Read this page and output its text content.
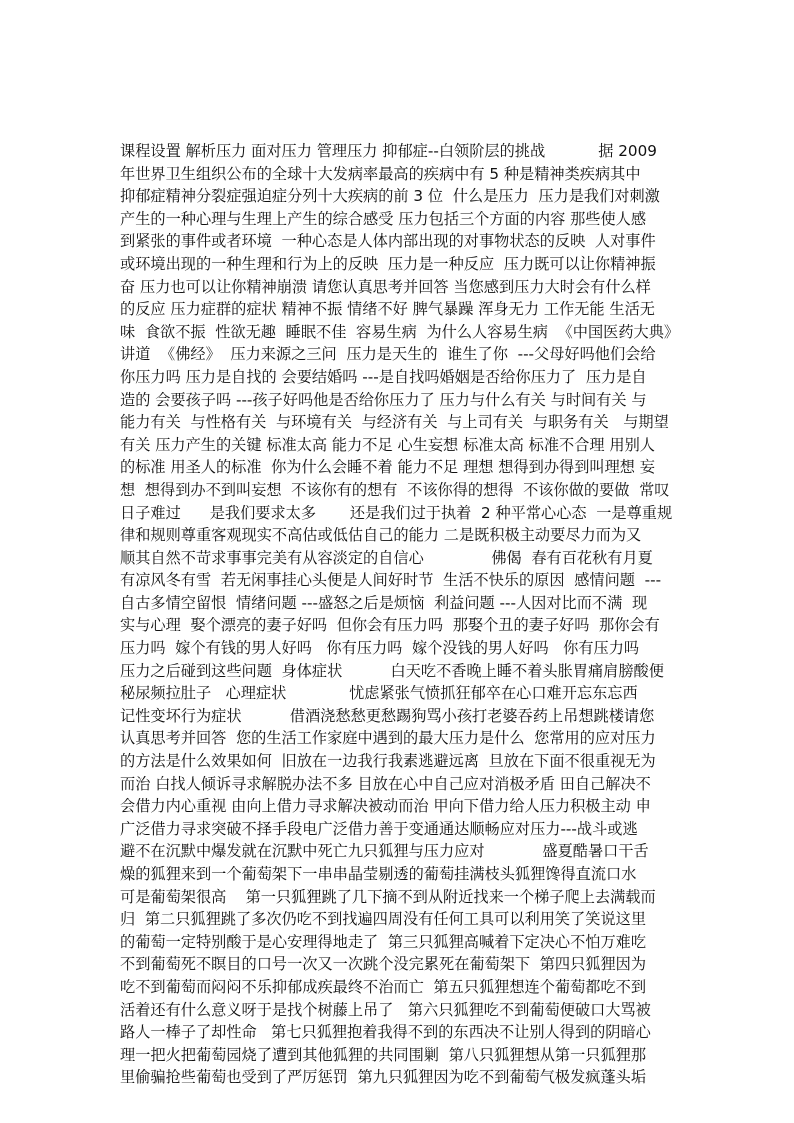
课程设置 解析压力 面对压力 管理压力 抑郁症--白领阶层的挑战           据 2009
年世界卫生组织公布的全球十大发病率最高的疾病中有 5 种是精神类疾病其中
抑郁症精神分裂症强迫症分列十大疾病的前 3 位  什么是压力  压力是我们对刺激
产生的一种心理与生理上产生的综合感受 压力包括三个方面的内容 那些使人感
到紧张的事件或者环境  一种心态是人体内部出现的对事物状态的反映  人对事件
或环境出现的一种生理和行为上的反映  压力是一种反应  压力既可以让你精神振
奋 压力也可以让你精神崩溃 请您认真思考并回答 当您感到压力大时会有什么样
的反应 压力症群的症状 精神不振 情绪不好 脾气暴躁 浑身无力 工作无能 生活无
味  食欲不振  性欲无趣  睡眠不佳  容易生病  为什么人容易生病  《中国医药大典》
讲道  《佛经》  压力来源之三问  压力是天生的  谁生了你  ---父母好吗他们会给
你压力吗 压力是自找的 会要结婚吗 ---是自找吗婚姻是否给你压力了  压力是自
造的 会要孩子吗 ---孩子好吗他是否给你压力了 压力与什么有关 与时间有关 与
能力有关  与性格有关  与环境有关  与经济有关  与上司有关  与职务有关   与期望
有关 压力产生的关键 标准太高 能力不足 心生妄想 标准太高 标准不合理 用别人
的标准 用圣人的标准  你为什么会睡不着 能力不足 理想 想得到办得到叫理想 妄
想  想得到办不到叫妄想  不该你有的想有  不该你得的想得  不该你做的要做  常叹
日子难过      是我们要求太多       还是我们过于执着  2 种平常心心态  一是尊重规
律和规则尊重客观现实不高估或低估自己的能力 二是既积极主动要尽力而为又
顺其自然不苛求事事完美有从容淡定的自信心              佛偈  春有百花秋有月夏
有凉风冬有雪  若无闲事挂心头便是人间好时节  生活不快乐的原因  感情问题  ---
自古多情空留恨  情绪问题 ---盛怒之后是烦恼  利益问题 ---人因对比而不满  现
实与心理  娶个漂亮的妻子好吗  但你会有压力吗  那娶个丑的妻子好吗  那你会有
压力吗  嫁个有钱的男人好吗   你有压力吗  嫁个没钱的男人好吗   你有压力吗
压力之后碰到这些问题  身体症状          白天吃不香晚上睡不着头胀胃痛肩膀酸便
秘尿频拉肚子   心理症状             忧虑紧张气愤抓狂郁卒在心口难开忘东忘西
记性变坏行为症状          借酒浇愁愁更愁踢狗骂小孩打老婆吞药上吊想跳楼请您
认真思考并回答  您的生活工作家庭中遇到的最大压力是什么  您常用的应对压力
的方法是什么效果如何  旧放在一边我行我素逃避远离  旦放在下面不很重视无为
而治 白找人倾诉寻求解脱办法不多 目放在心中自己应对消极矛盾 田自己解决不
会借力内心重视 由向上借力寻求解决被动而治 甲向下借力给人压力积极主动 申
广泛借力寻求突破不择手段电广泛借力善于变通通达顺畅应对压力---战斗或逃
避不在沉默中爆发就在沉默中死亡九只狐狸与压力应对            盛夏酷暑口干舌
燥的狐狸来到一个葡萄架下一串串晶莹剔透的葡萄挂满枝头狐狸馋得直流口水
可是葡萄架很高    第一只狐狸跳了几下摘不到从附近找来一个梯子爬上去满载而
归  第二只狐狸跳了多次仍吃不到找遍四周没有任何工具可以利用笑了笑说这里
的葡萄一定特别酸于是心安理得地走了  第三只狐狸高喊着下定决心不怕万难吃
不到葡萄死不瞑目的口号一次又一次跳个没完累死在葡萄架下  第四只狐狸因为
吃不到葡萄而闷闷不乐抑郁成疾最终不治而亡  第五只狐狸想连个葡萄都吃不到
活着还有什么意义呀于是找个树藤上吊了   第六只狐狸吃不到葡萄便破口大骂被
路人一棒子了却性命   第七只狐狸抱着我得不到的东西决不让别人得到的阴暗心
理一把火把葡萄园烧了遭到其他狐狸的共同围剿  第八只狐狸想从第一只狐狸那
里偷骗抢些葡萄也受到了严厉惩罚  第九只狐狸因为吃不到葡萄气极发疯蓬头垢
